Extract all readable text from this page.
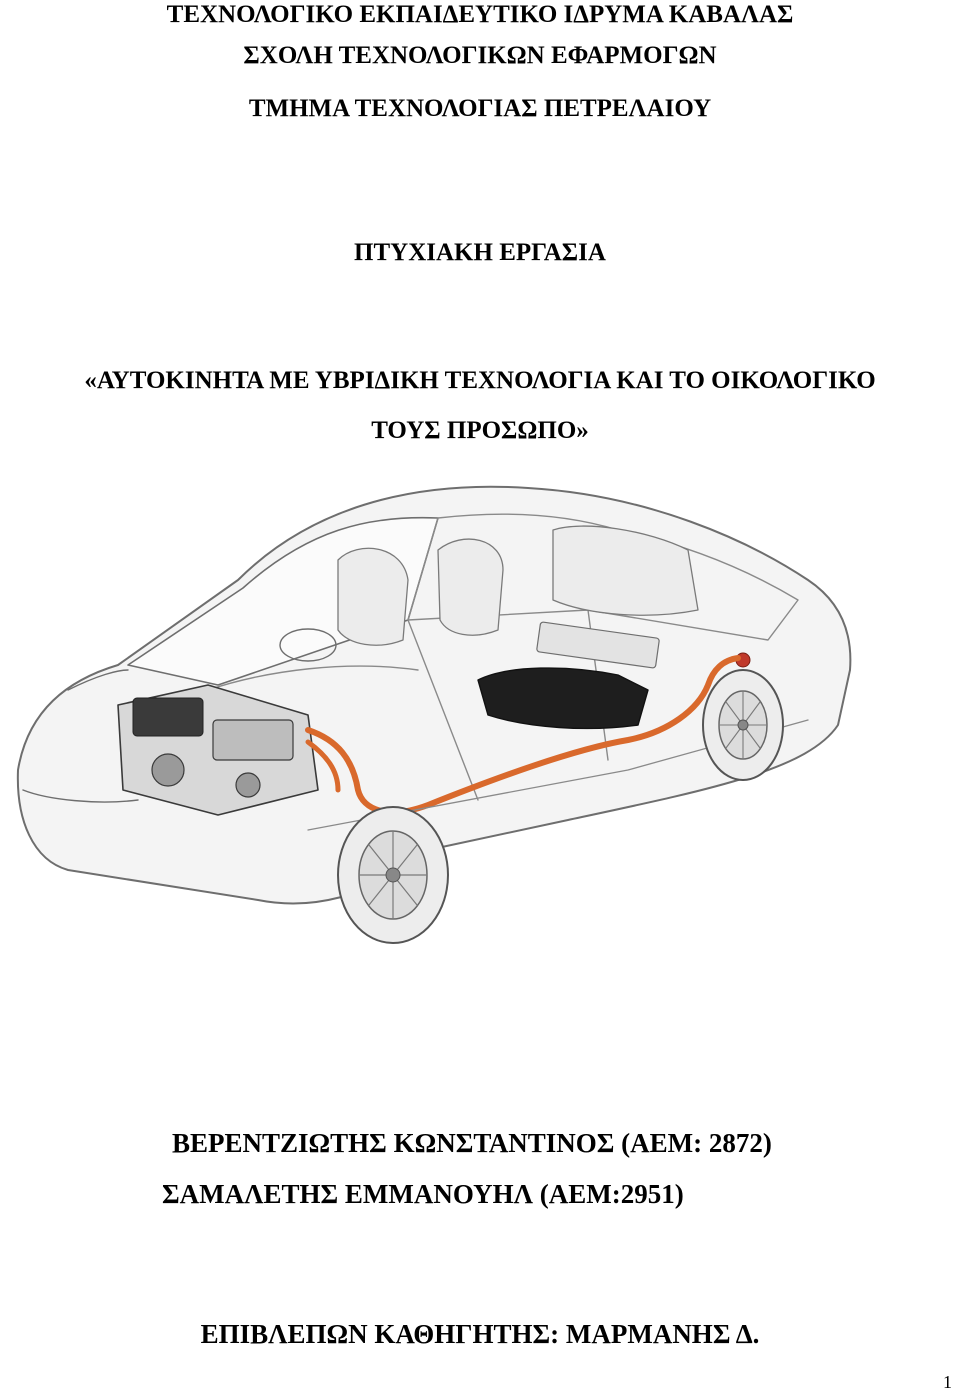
ΤΕΧΝΟΛΟΓΙΚΟ ΕΚΠΑΙΔΕΥΤΙΚΟ ΙΔΡΥΜΑ ΚΑΒΑΛΑΣ
ΣΧΟΛΗ ΤΕΧΝΟΛΟΓΙΚΩΝ ΕΦΑΡΜΟΓΩΝ
ΤΜΗΜΑ ΤΕΧΝΟΛΟΓΙΑΣ ΠΕΤΡΕΛΑΙΟΥ
ΠΤΥΧΙΑΚΗ ΕΡΓΑΣΙΑ
«ΑΥΤΟΚΙΝΗΤΑ ΜΕ ΥΒΡΙΔΙΚΗ ΤΕΧΝΟΛΟΓΙΑ ΚΑΙ ΤΟ ΟΙΚΟΛΟΓΙΚΟ
ΤΟΥΣ ΠΡΟΣΩΠΟ»
ΒΕΡΕΝΤΖΙΩΤΗΣ ΚΩΝΣΤΑΝΤΙΝΟΣ (ΑΕΜ: 2872)
ΣΑΜΑΛΕΤΗΣ ΕΜΜΑΝΟΥΗΛ (ΑΕΜ:2951)
ΕΠΙΒΛΕΠΩΝ ΚΑΘΗΓΗΤΗΣ: ΜΑΡΜΑΝΗΣ Δ.
1
